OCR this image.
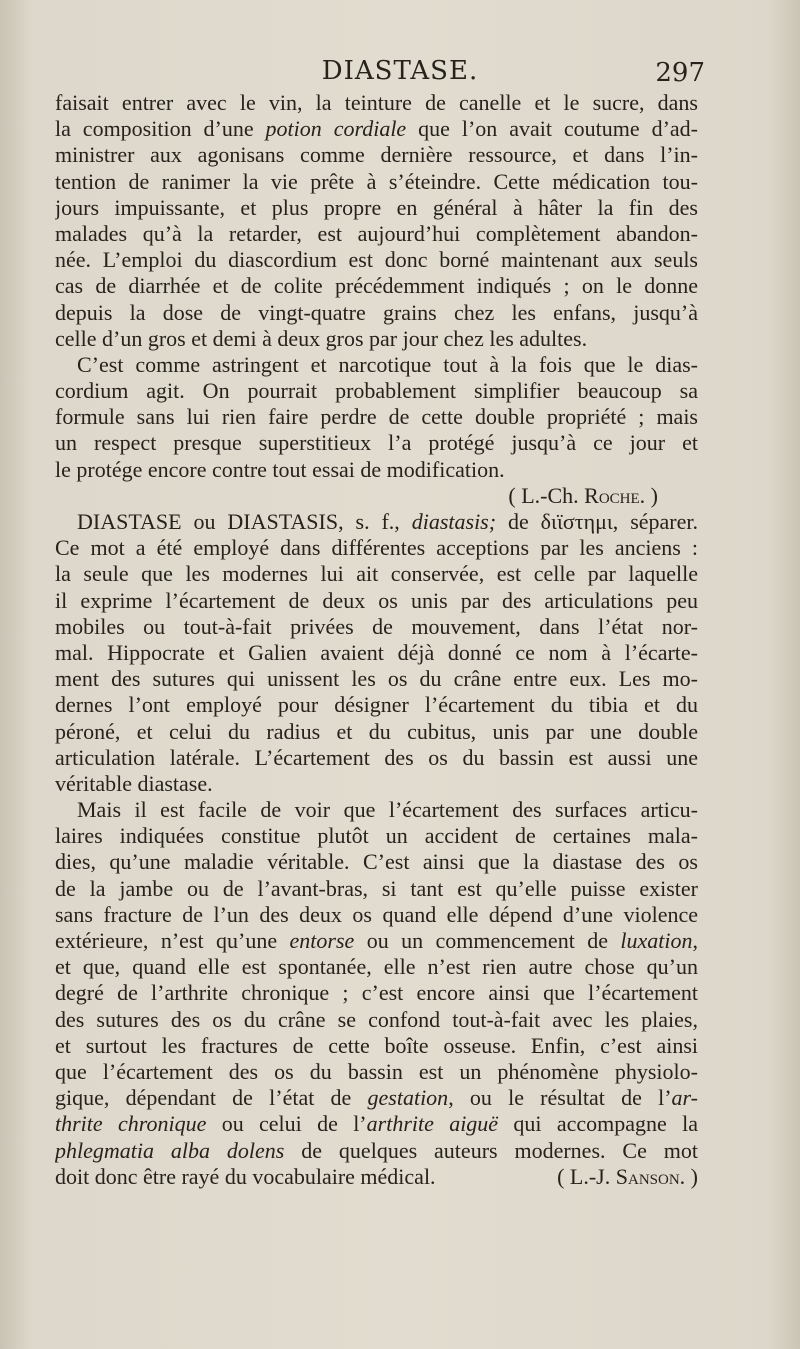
DIASTASE.	297
faisait entrer avec le vin, la teinture de canelle et le sucre, dans
la composition d’une potion cordiale que l’on avait coutume d’ad-
ministrer aux agonisans comme dernière ressource, et dans l’in-
tention de ranimer la vie prête à s’éteindre. Cette médication tou-
jours impuissante, et plus propre en général à hâter la fin des
malades qu’à la retarder, est aujourd’hui complètement abandon-
née. L’emploi du diascordium est donc borné maintenant aux seuls
cas de diarrhée et de colite précédemment indiqués ; on le donne
depuis la dose de vingt-quatre grains chez les enfans, jusqu’à
celle d’un gros et demi à deux gros par jour chez les adultes.
C’est comme astringent et narcotique tout à la fois que le dias-
cordium agit. On pourrait probablement simplifier beaucoup sa
formule sans lui rien faire perdre de cette double propriété ; mais
un respect presque superstitieux l’a protégé jusqu’à ce jour et
le protége encore contre tout essai de modification.
( L.-Ch. Roche. )
DIASTASE ou DIASTASIS, s. f., diastasis; de διϊστημι, séparer.
Ce mot a été employé dans différentes acceptions par les anciens :
la seule que les modernes lui ait conservée, est celle par laquelle
il exprime l’écartement de deux os unis par des articulations peu
mobiles ou tout-à-fait privées de mouvement, dans l’état nor-
mal. Hippocrate et Galien avaient déjà donné ce nom à l’écarte-
ment des sutures qui unissent les os du crâne entre eux. Les mo-
dernes l’ont employé pour désigner l’écartement du tibia et du
péroné, et celui du radius et du cubitus, unis par une double
articulation latérale. L’écartement des os du bassin est aussi une
véritable diastase.
Mais il est facile de voir que l’écartement des surfaces articu-
laires indiquées constitue plutôt un accident de certaines mala-
dies, qu’une maladie véritable. C’est ainsi que la diastase des os
de la jambe ou de l’avant-bras, si tant est qu’elle puisse exister
sans fracture de l’un des deux os quand elle dépend d’une violence
extérieure, n’est qu’une entorse ou un commencement de luxation,
et que, quand elle est spontanée, elle n’est rien autre chose qu’un
degré de l’arthrite chronique ; c’est encore ainsi que l’écartement
des sutures des os du crâne se confond tout-à-fait avec les plaies,
et surtout les fractures de cette boîte osseuse. Enfin, c’est ainsi
que l’écartement des os du bassin est un phénomène physiolo-
gique, dépendant de l’état de gestation, ou le résultat de l’ar-
thrite chronique ou celui de l’arthrite aiguë qui accompagne la
phlegmatia alba dolens de quelques auteurs modernes. Ce mot
doit donc être rayé du vocabulaire médical.	( L.-J. Sanson. )
